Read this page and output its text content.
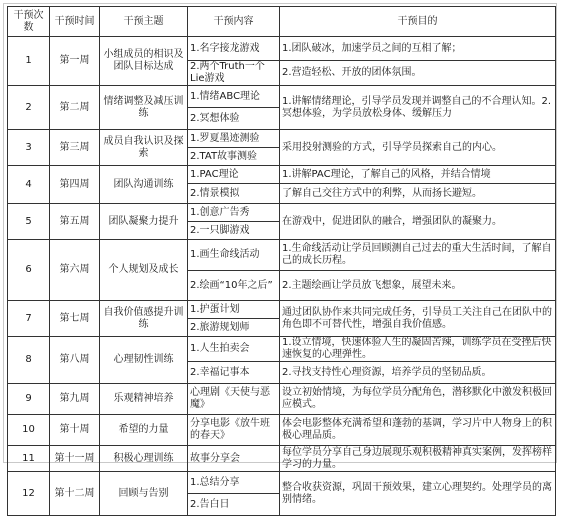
干预次数	干预时间	干预主题	干预内容	干预目的
1	第一周	小组成员的相识及团队目标达成	1.名字接龙游戏	1.团队破冰，加速学员之间的互相了解；
			2.两个Truth一个Lie游戏	2.营造轻松、开放的团体氛围。
2	第二周	情绪调整及减压训练	1.情绪ABC理论	1.讲解情绪理论，引导学员发现并调整自己的不合理认知。2.冥想体验，为学员放松身体、缓解压力
			2.冥想体验	
3	第三周	成员自我认识及探索	1.罗夏墨迹测验	采用投射测验的方式，引导学员探索自己的内心。
			2.TAT故事测验	
4	第四周	团队沟通训练	1.PAC理论	1.讲解PAC理论，了解自己的风格，并结合情境
			2.情景模拟	了解自己交往方式中的利弊，从而扬长避短。
5	第五周	团队凝聚力提升	1.创意广告秀	在游戏中，促进团队的融合，增强团队的凝聚力。
			2.一只脚游戏	
6	第六周	个人规划及成长	1.画生命线活动	1.生命线活动让学员回顾测自己过去的重大生活时间，了解自己的成长历程。
			2.绘画“10年之后”	2.主题绘画让学员放飞想象，展望未来。
7	第七周	自我价值感提升训练	1.护蛋计划	通过团队协作来共同完成任务，引导员工关注自己在团队中的角色即不可替代性，增强自我价值感。
			2.旅游规划师	
8	第八周	心理韧性训练	1.人生拍卖会	1.设立情境，快速体验人生的凝固苦辣，训练学员在受挫后快速恢复的心理弹性。
			2.幸福记事本	2.寻找支持性心理资源，培养学员的坚韧品质。
9	第九周	乐观精神培养	心理剧《天使与恶魔》	设立初始情境，为每位学员分配角色，潜移默化中激发积极回应模式。
10	第十周	希望的力量	分享电影《放牛班的春天》	体会电影整体充满希望和蓬勃的基调，学习片中人物身上的积极心理品质。
11	第十一周	积极心理训练	故事分享会	每位学员分享自己身边展现乐观积极精神真实案例，发挥榜样学习的力量。
12	第十二周	回顾与告别	1.总结分享	整合收获资源，巩固干预效果，建立心理契约。处理学员的离别情绪。
			2.告白日	
